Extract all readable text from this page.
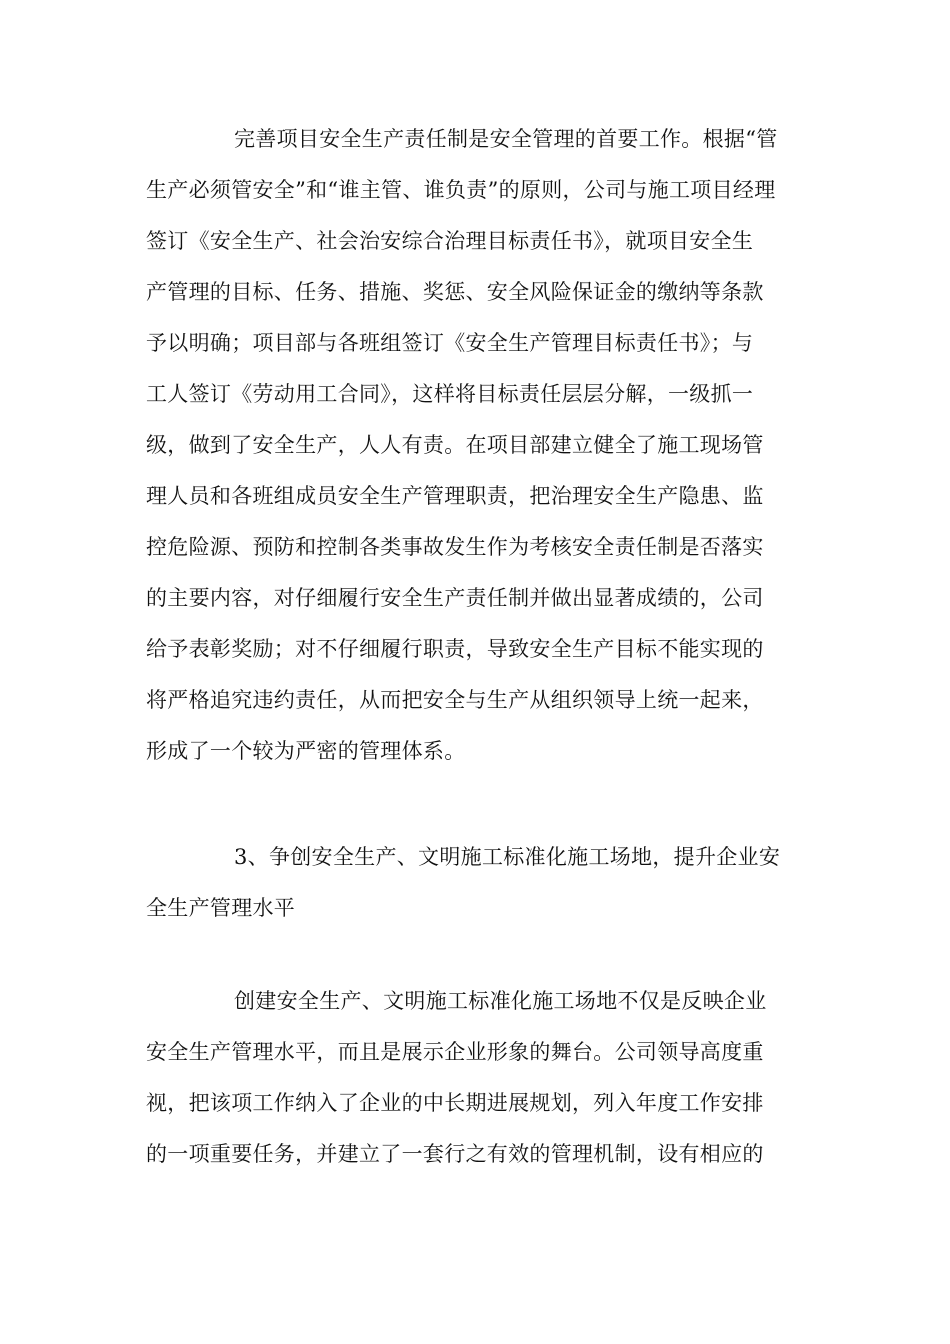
完善项目安全生产责任制是安全管理的首要工作。根据“管
生产必须管安全”和“谁主管、谁负责”的原则，公司与施工项目经理
签订《安全生产、社会治安综合治理目标责任书》，就项目安全生
产管理的目标、任务、措施、奖惩、安全风险保证金的缴纳等条款
予以明确；项目部与各班组签订《安全生产管理目标责任书》；与
工人签订《劳动用工合同》，这样将目标责任层层分解，一级抓一
级，做到了安全生产，人人有责。在项目部建立健全了施工现场管
理人员和各班组成员安全生产管理职责，把治理安全生产隐患、监
控危险源、预防和控制各类事故发生作为考核安全责任制是否落实
的主要内容，对仔细履行安全生产责任制并做出显著成绩的，公司
给予表彰奖励；对不仔细履行职责，导致安全生产目标不能实现的
将严格追究违约责任，从而把安全与生产从组织领导上统一起来，
形成了一个较为严密的管理体系。
3、争创安全生产、文明施工标准化施工场地，提升企业安
全生产管理水平
创建安全生产、文明施工标准化施工场地不仅是反映企业
安全生产管理水平，而且是展示企业形象的舞台。公司领导高度重
视，把该项工作纳入了企业的中长期进展规划，列入年度工作安排
的一项重要任务，并建立了一套行之有效的管理机制，设有相应的
